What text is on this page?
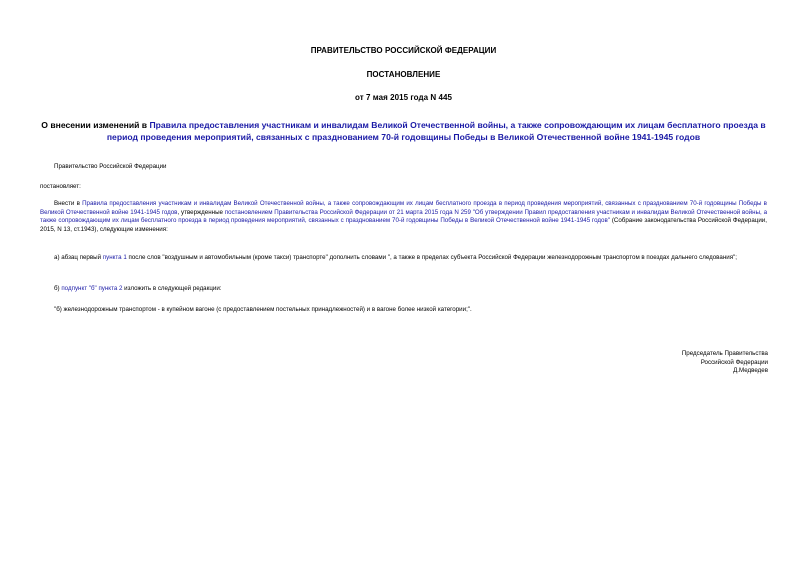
ПРАВИТЕЛЬСТВО РОССИЙСКОЙ ФЕДЕРАЦИИ
ПОСТАНОВЛЕНИЕ
от 7 мая 2015 года N 445
О внесении изменений в Правила предоставления участникам и инвалидам Великой Отечественной войны, а также сопровождающим их лицам бесплатного проезда в период проведения мероприятий, связанных с празднованием 70-й годовщины Победы в Великой Отечественной войне 1941-1945 годов
Правительство Российской Федерации
постановляет:
Внести в Правила предоставления участникам и инвалидам Великой Отечественной войны, а также сопровождающим их лицам бесплатного проезда в период проведения мероприятий, связанных с празднованием 70-й годовщины Победы в Великой Отечественной войне 1941-1945 годов, утвержденные постановлением Правительства Российской Федерации от 21 марта 2015 года N 259 "Об утверждении Правил предоставления участникам и инвалидам Великой Отечественной войны, а также сопровождающим их лицам бесплатного проезда в период проведения мероприятий, связанных с празднованием 70-й годовщины Победы в Великой Отечественной войне 1941-1945 годов" (Собрание законодательства Российской Федерации, 2015, N 13, ст.1943), следующие изменения:
а) абзац первый пункта 1 после слов "воздушным и автомобильным (кроме такси) транспорте" дополнить словами ", а также в пределах субъекта Российской Федерации железнодорожным транспортом в поездах дальнего следования";
б) подпункт "б" пункта 2 изложить в следующей редакции:
"б) железнодорожным транспортом - в купейном вагоне (с предоставлением постельных принадлежностей) и в вагоне более низкой категории;".
Председатель Правительства
Российской Федерации
Д.Медведев
